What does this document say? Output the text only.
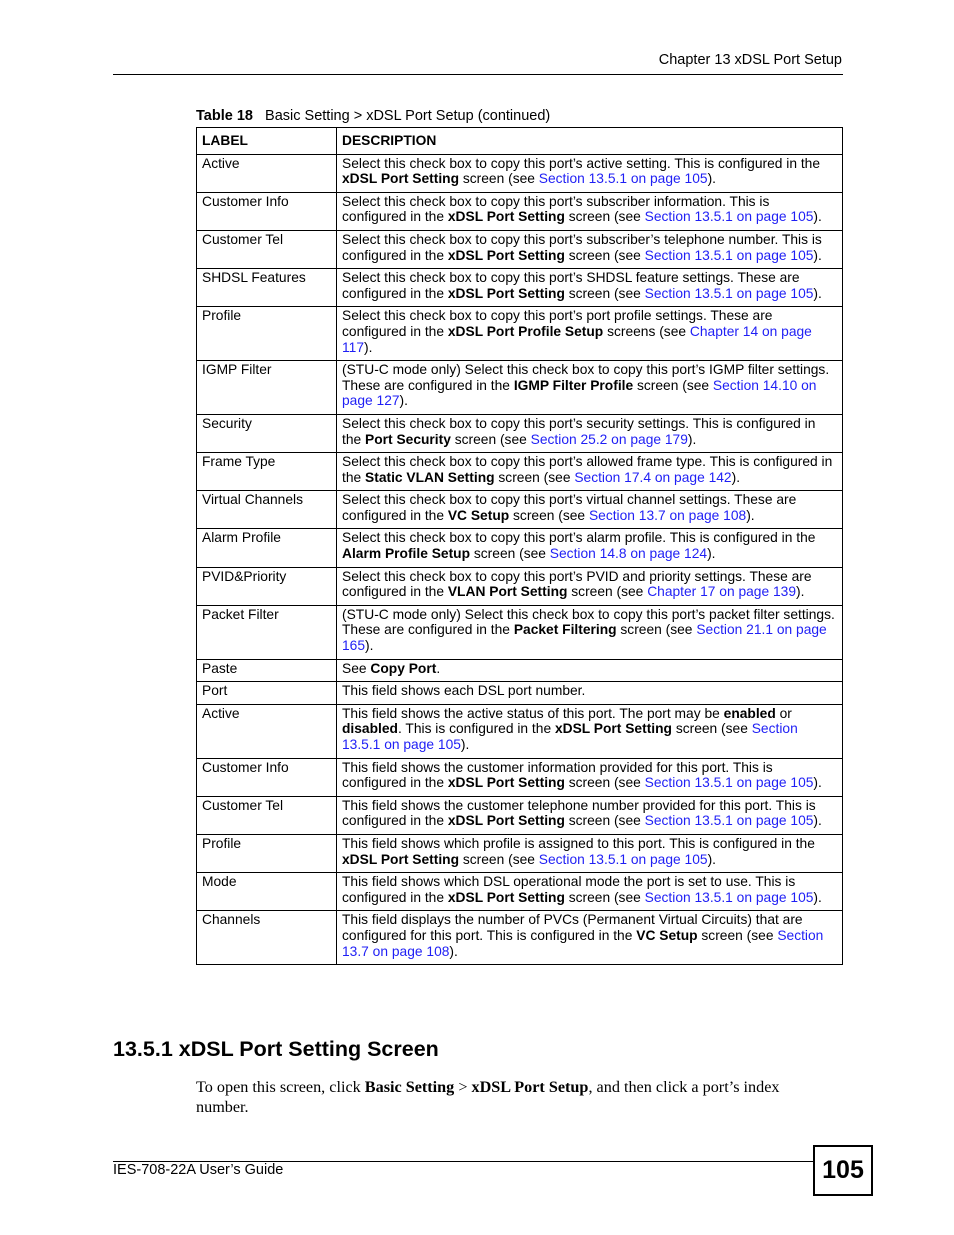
Chapter 13 xDSL Port Setup
Table 18 Basic Setting > xDSL Port Setup (continued)
LABEL	DESCRIPTION
Active	Select this check box to copy this port’s active setting. This is configured in the xDSL Port Setting screen (see Section 13.5.1 on page 105).
Customer Info	Select this check box to copy this port’s subscriber information. This is configured in the xDSL Port Setting screen (see Section 13.5.1 on page 105).
Customer Tel	Select this check box to copy this port’s subscriber’s telephone number. This is configured in the xDSL Port Setting screen (see Section 13.5.1 on page 105).
SHDSL Features	Select this check box to copy this port’s SHDSL feature settings. These are configured in the xDSL Port Setting screen (see Section 13.5.1 on page 105).
Profile	Select this check box to copy this port’s port profile settings. These are configured in the xDSL Port Profile Setup screens (see Chapter 14 on page 117).
IGMP Filter	(STU-C mode only) Select this check box to copy this port’s IGMP filter settings. These are configured in the IGMP Filter Profile screen (see Section 14.10 on page 127).
Security	Select this check box to copy this port’s security settings. This is configured in the Port Security screen (see Section 25.2 on page 179).
Frame Type	Select this check box to copy this port’s allowed frame type. This is configured in the Static VLAN Setting screen (see Section 17.4 on page 142).
Virtual Channels	Select this check box to copy this port’s virtual channel settings. These are configured in the VC Setup screen (see Section 13.7 on page 108).
Alarm Profile	Select this check box to copy this port’s alarm profile. This is configured in the Alarm Profile Setup screen (see Section 14.8 on page 124).
PVID&Priority	Select this check box to copy this port’s PVID and priority settings. These are configured in the VLAN Port Setting screen (see Chapter 17 on page 139).
Packet Filter	(STU-C mode only) Select this check box to copy this port’s packet filter settings. These are configured in the Packet Filtering screen (see Section 21.1 on page 165).
Paste	See Copy Port.
Port	This field shows each DSL port number.
Active	This field shows the active status of this port. The port may be enabled or disabled. This is configured in the xDSL Port Setting screen (see Section 13.5.1 on page 105).
Customer Info	This field shows the customer information provided for this port. This is configured in the xDSL Port Setting screen (see Section 13.5.1 on page 105).
Customer Tel	This field shows the customer telephone number provided for this port. This is configured in the xDSL Port Setting screen (see Section 13.5.1 on page 105).
Profile	This field shows which profile is assigned to this port. This is configured in the xDSL Port Setting screen (see Section 13.5.1 on page 105).
Mode	This field shows which DSL operational mode the port is set to use. This is configured in the xDSL Port Setting screen (see Section 13.5.1 on page 105).
Channels	This field displays the number of PVCs (Permanent Virtual Circuits) that are configured for this port. This is configured in the VC Setup screen (see Section 13.7 on page 108).
13.5.1 xDSL Port Setting Screen
To open this screen, click Basic Setting > xDSL Port Setup, and then click a port’s index number.
IES-708-22A User’s Guide	105
